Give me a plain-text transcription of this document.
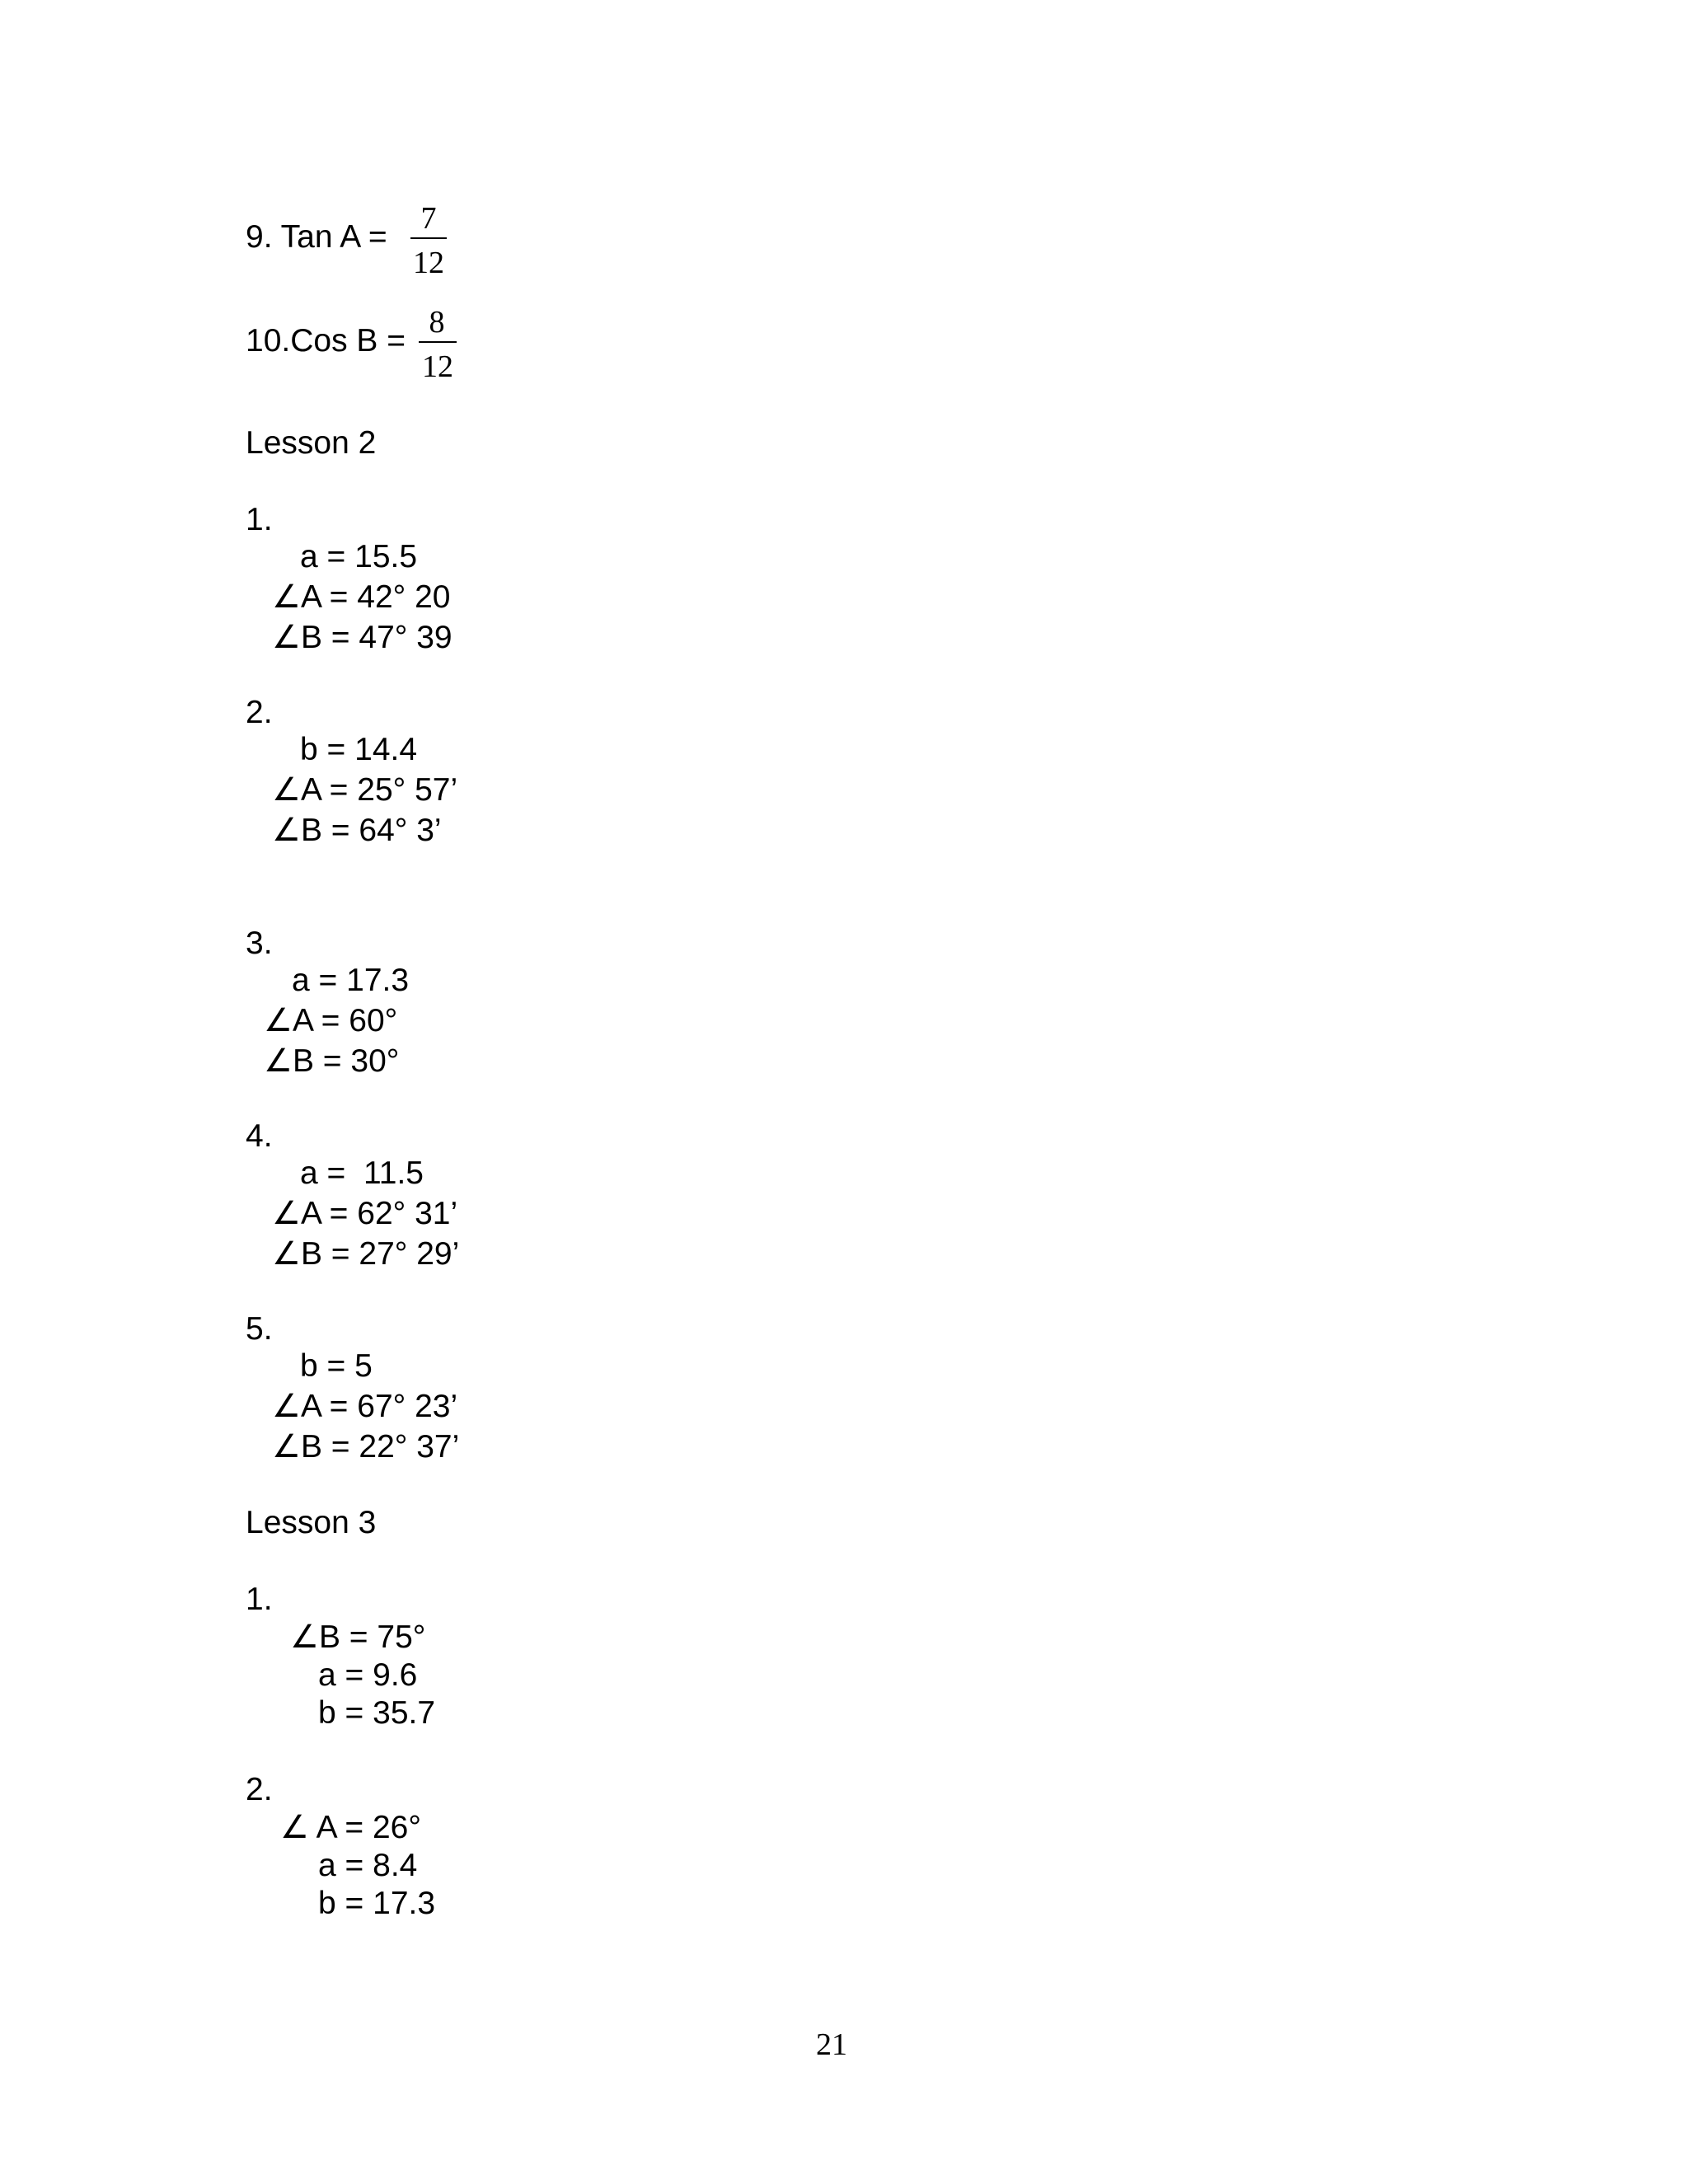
9. Tan A =
7
12
10.Cos B =
8
12
Lesson 2
1.
a = 15.5
∠A = 42° 20
∠B = 47° 39
2.
b = 14.4
∠A = 25° 57’
∠B = 64° 3’
3.
a = 17.3
∠A = 60°
∠B = 30°
4.
a =  11.5
∠A = 62° 31’
∠B = 27° 29’
5.
b = 5
∠A = 67° 23’
∠B = 22° 37’
Lesson 3
1.
∠B = 75°
a = 9.6
b = 35.7
2.
∠ A = 26°
a = 8.4
b = 17.3
21
